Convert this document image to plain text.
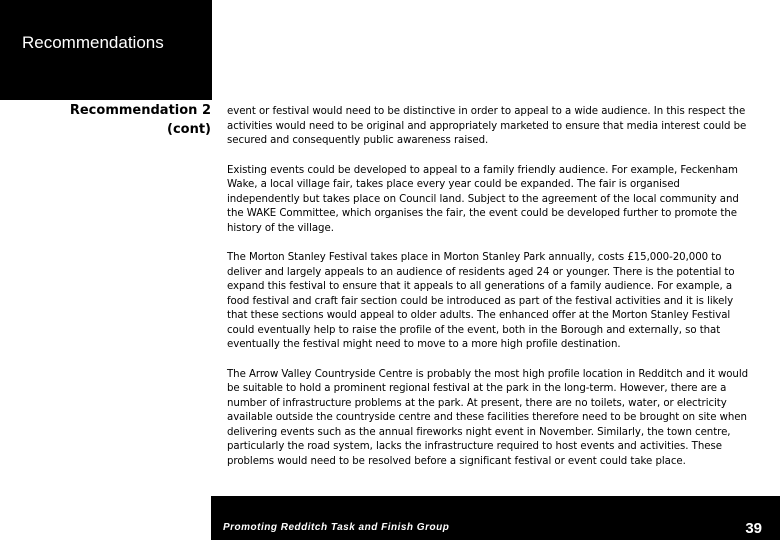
Recommendations
Recommendation 2
(cont)

event or festival would need to be distinctive in order to appeal to a wide audience. In this respect the activities would need to be original and appropriately marketed to ensure that media interest could be secured and consequently public awareness raised.

Existing events could be developed to appeal to a family friendly audience. For example, Feckenham Wake, a local village fair, takes place every year could be expanded. The fair is organised independently but takes place on Council land. Subject to the agreement of the local community and the WAKE Committee, which organises the fair, the event could be developed further to promote the history of the village.

The Morton Stanley Festival takes place in Morton Stanley Park annually, costs £15,000-20,000 to deliver and largely appeals to an audience of residents aged 24 or younger. There is the potential to expand this festival to ensure that it appeals to all generations of a family audience. For example, a food festival and craft fair section could be introduced as part of the festival activities and it is likely that these sections would appeal to older adults. The enhanced offer at the Morton Stanley Festival could eventually help to raise the profile of the event, both in the Borough and externally, so that eventually the festival might need to move to a more high profile destination.

The Arrow Valley Countryside Centre is probably the most high profile location in Redditch and it would be suitable to hold a prominent regional festival at the park in the long-term. However, there are a number of infrastructure problems at the park. At present, there are no toilets, water, or electricity available outside the countryside centre and these facilities therefore need to be brought on site when delivering events such as the annual fireworks night event in November. Similarly, the town centre, particularly the road system, lacks the infrastructure required to host events and activities. These problems would need to be resolved before a significant festival or event could take place.

Promoting Redditch Task and Finish Group	39
